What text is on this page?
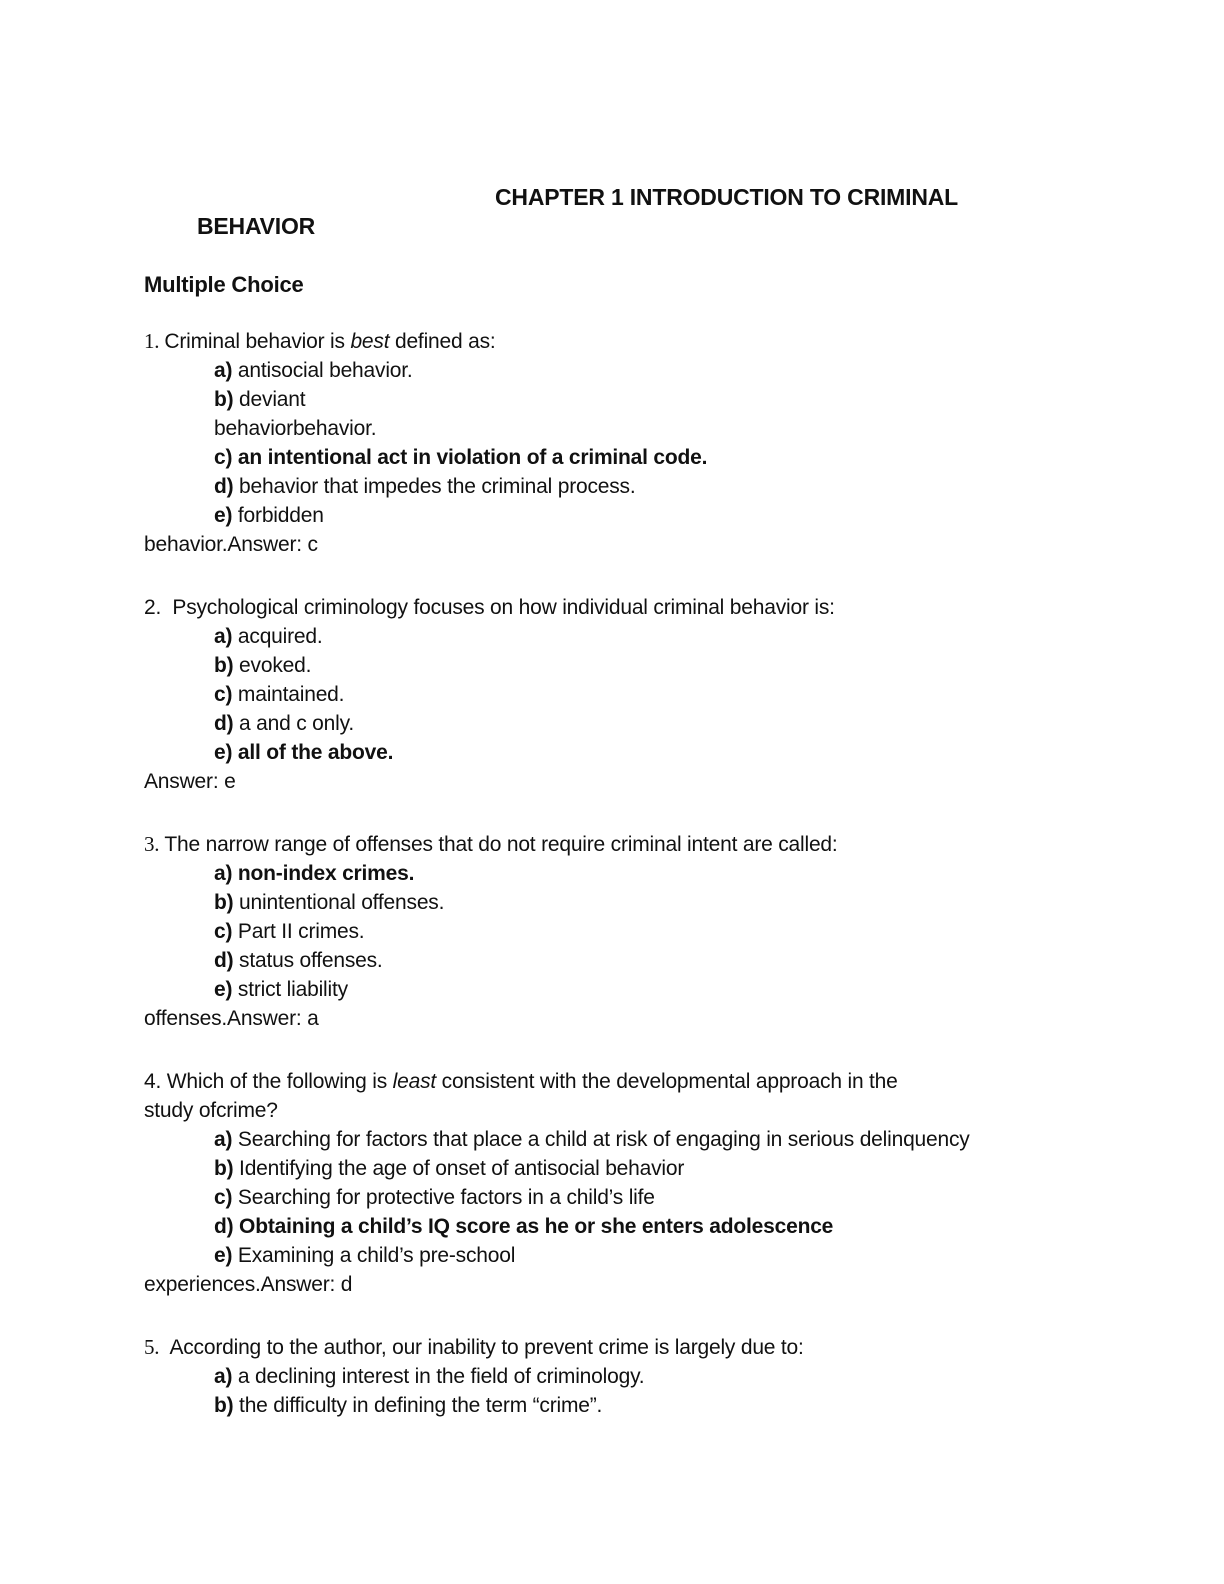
CHAPTER 1 INTRODUCTION TO CRIMINAL
BEHAVIOR
Multiple Choice
1. Criminal behavior is best defined as:
a) antisocial behavior.
b) deviant
behaviorbehavior.
c) an intentional act in violation of a criminal code.
d) behavior that impedes the criminal process.
e) forbidden
behavior.Answer: c
2.  Psychological criminology focuses on how individual criminal behavior is:
a) acquired.
b) evoked.
c) maintained.
d) a and c only.
e) all of the above.
Answer: e
3. The narrow range of offenses that do not require criminal intent are called:
a) non-index crimes.
b) unintentional offenses.
c) Part II crimes.
d) status offenses.
e) strict liability
offenses.Answer: a
4. Which of the following is least consistent with the developmental approach in the
study ofcrime?
a) Searching for factors that place a child at risk of engaging in serious delinquency
b) Identifying the age of onset of antisocial behavior
c) Searching for protective factors in a child’s life
d) Obtaining a child’s IQ score as he or she enters adolescence
e) Examining a child’s pre-school
experiences.Answer: d
5.  According to the author, our inability to prevent crime is largely due to:
a) a declining interest in the field of criminology.
b) the difficulty in defining the term “crime”.
